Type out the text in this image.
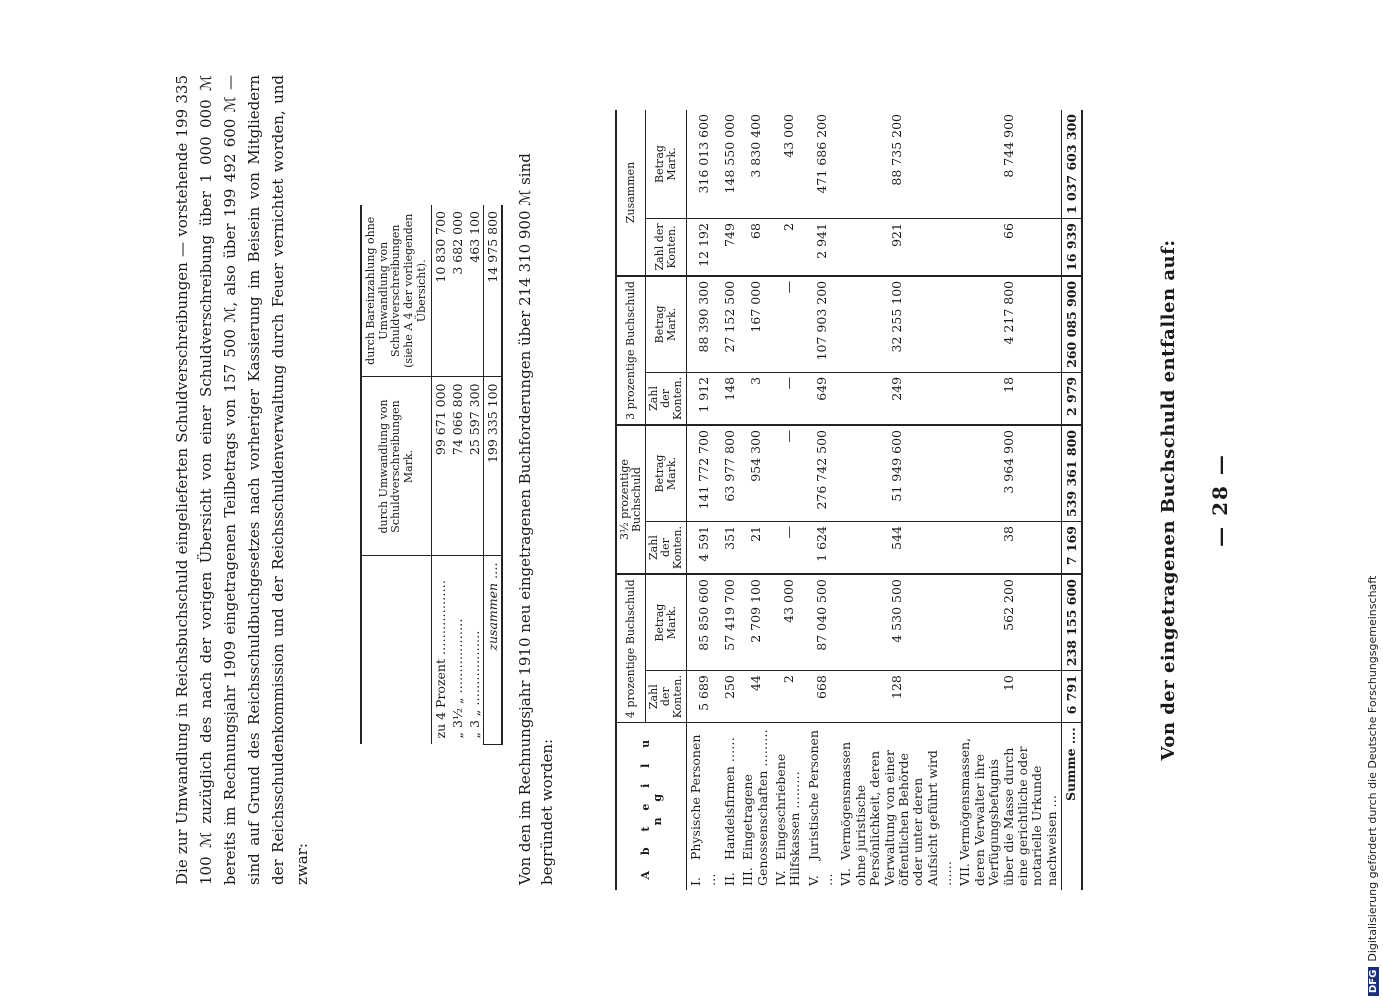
— 28 —
Von der eingetragenen Buchschuld entfallen auf:
A b t e i l u n g	4 prozentige Buchschuld		3½ prozentige Buchschuld		3 prozentige Buchschuld		Zusammen	
	Zahl der Konten.	Betrag
Mark.	Zahl der Konten.	Betrag
Mark.	Zahl der Konten.	Betrag
Mark.	Zahl der Konten.	Betrag
Mark.
I.Physische Personen …	5 689	85 850 600	4 591	141 772 700	1 912	88 390 300	12 192	316 013 600
II.Handelsfirmen ……	250	57 419 700	351	63 977 800	148	27 152 500	749	148 550 000
III.Eingetragene Genossenschaften ………	44	2 709 100	21	954 300	3	167 000	68	3 830 400
IV.Eingeschriebene Hilfskassen ………	2	43 000	—	—	—	—	2	43 000
V.Juristische Personen …	668	87 040 500	1 624	276 742 500	649	107 903 200	2 941	471 686 200
VI.Vermögensmassen ohne juristische Persönlichkeit, deren Verwaltung von einer öffentlichen Behörde oder unter deren Aufsicht geführt wird ……	128	4 530 500	544	51 949 600	249	32 255 100	921	88 735 200
VII.Vermögensmassen, deren Verwalter ihre Verfügungsbefugnis über die Masse durch eine gerichtliche oder notarielle Urkunde nachweisen …	10	562 200	38	3 964 900	18	4 217 800	66	8 744 900
Summe ….	6 791	238 155 600	7 169	539 361 800	2 979	260 085 900	16 939	1 037 603 300
Von den im Rechnungsjahr 1910 neu eingetragenen Buchforderungen über 214 310 900 ℳ sind begründet worden:
	durch Umwandlung von Schuldverschreibungen
Mark.	durch Bareinzahlung ohne Umwandlung von Schuldverschreibungen (siehe A 4 der vorliegenden Übersicht).
zu 4 Prozent ………………	99 671 000	10 830 700
„ 3½ „ ………………	74 066 800	3 682 000
„ 3 „ ………………	25 597 300	463 100
zusammen ….	199 335 100	14 975 800
Die zur Umwandlung in Reichsbuchschuld eingelieferten Schuldverschreibungen — vorstehende 199 335 100 ℳ zuzüglich des nach der vorigen Übersicht von einer Schuldverschreibung über 1 000 000 ℳ bereits im Rechnungsjahr 1909 eingetragenen Teilbetrags von 157 500 ℳ, also über 199 492 600 ℳ — sind auf Grund des Reichsschuldbuchgesetzes nach vorheriger Kassierung im Beisein von Mitgliedern der Reichsschuldenkommission und der Reichsschuldenverwaltung durch Feuer vernichtet worden, und zwar:
DFGDigitalisierung gefördert durch die Deutsche Forschungsgemeinschaft
